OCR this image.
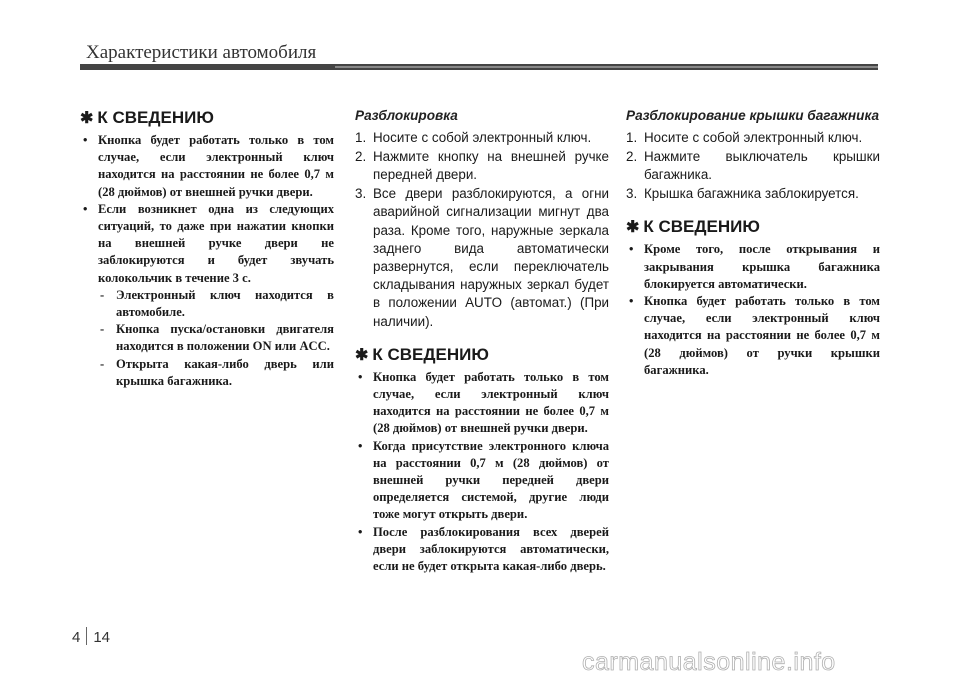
Характеристики автомобиля
✱ К СВЕДЕНИЮ
• Кнопка будет работать только в том случае, если электронный ключ находится на расстоянии не более 0,7 м (28 дюймов) от внешней ручки двери.
• Если возникнет одна из следующих ситуаций, то даже при нажатии кнопки на внешней ручке двери не заблокируются и будет звучать колокольчик в течение 3 с.
- Электронный ключ находится в автомобиле.
- Кнопка пуска/остановки двигателя находится в положении ON или ACC.
- Открыта какая-либо дверь или крышка багажника.
Разблокировка
1. Носите с собой электронный ключ.
2. Нажмите кнопку на внешней ручке передней двери.
3. Все двери разблокируются, а огни аварийной сигнализации мигнут два раза. Кроме того, наружные зеркала заднего вида автоматически развернутся, если переключатель складывания наружных зеркал будет в положении AUTO (автомат.) (При наличии).
✱ К СВЕДЕНИЮ
• Кнопка будет работать только в том случае, если электронный ключ находится на расстоянии не более 0,7 м (28 дюймов) от внешней ручки двери.
• Когда присутствие электронного ключа на расстоянии 0,7 м (28 дюймов) от внешней ручки передней двери определяется системой, другие люди тоже могут открыть двери.
• После разблокирования всех дверей двери заблокируются автоматически, если не будет открыта какая-либо дверь.
Разблокирование крышки багажника
1. Носите с собой электронный ключ.
2. Нажмите выключатель крышки багажника.
3. Крышка багажника заблокируется.
✱ К СВЕДЕНИЮ
• Кроме того, после открывания и закрывания крышка багажника блокируется автоматически.
• Кнопка будет работать только в том случае, если электронный ключ находится на расстоянии не более 0,7 м (28 дюймов) от ручки крышки багажника.
4 14
carmanualsonline.info
